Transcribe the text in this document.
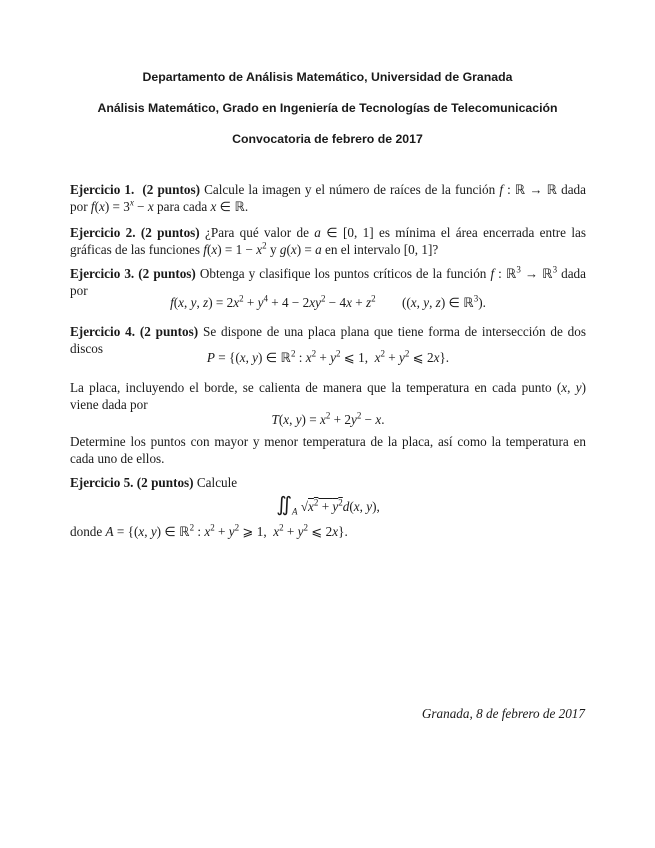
Departamento de Análisis Matemático, Universidad de Granada
Análisis Matemático, Grado en Ingeniería de Tecnologías de Telecomunicación
Convocatoria de febrero de 2017
Ejercicio 1. (2 puntos) Calcule la imagen y el número de raíces de la función f : ℝ → ℝ dada por $f(x) = 3^x - x$ para cada x ∈ ℝ.
Ejercicio 2. (2 puntos) ¿Para qué valor de a ∈ [0, 1] es mínima el área encerrada entre las gráficas de las funciones $f(x) = 1 - x^2$ y g(x) = a en el intervalo [0, 1]?
Ejercicio 3. (2 puntos) Obtenga y clasifique los puntos críticos de la función f : ℝ$^3$ → ℝ$^3$ dada por
f(x, y, $z) = 2x^2 + y^4 + 4 - 2xy^2 - 4x + z^2$        ((x, y, z) ∈ ℝ$^3$).
Ejercicio 4. (2 puntos) Se dispone de una placa plana que tiene forma de intersección de dos discos
P = {(x, y) ∈ ℝ$^2$ : $x^2 + y^2$ ⩽ 1,  $x^2 + y^2$ ⩽ 2x}.
La placa, incluyendo el borde, se calienta de manera que la temperatura en cada punto (x, y) viene dada por
T(x, $y) = x^2 + 2y^2 - x$.
Determine los puntos con mayor y menor temperatura de la placa, así como la temperatura en cada uno de ellos.
Ejercicio 5. (2 puntos) Calcule
$∬_A$ $√x^2 + y^2d(x$, y),
donde A = {(x, y) ∈ ℝ$^2$ : $x^2 + y^2$ ⩾ 1,  $x^2 + y^2$ ⩽ 2x}.
Granada, 8 de febrero de 2017
